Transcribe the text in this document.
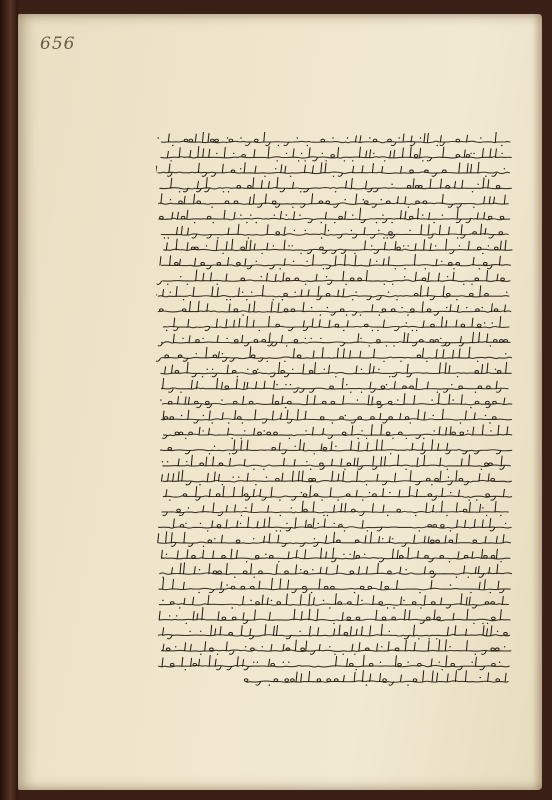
656
